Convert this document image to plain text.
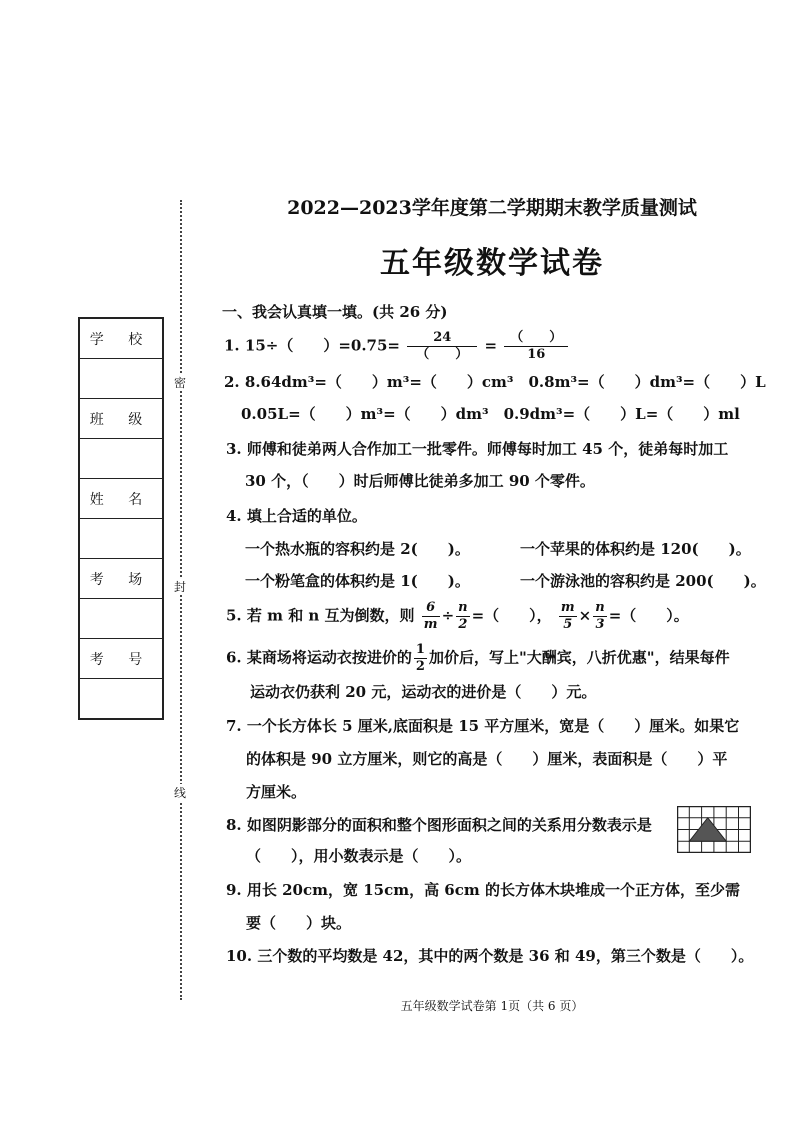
2022—2023学年度第二学期期末教学质量测试
五年级数学试卷
密
封
线
学 校

班 级

姓 名

考 场

考 号

一、我会认真填一填。(共 26 分)
1. 15÷（　　）$=0.75= \frac{24}{( )} = \frac{( )}{16}$
2. 8.64dm³=（　　）m³=（　　）cm³　0.8m³=（　　）dm³=（　　）L
0.05L=（　　）m³=（　　）dm³　0.9dm³=（　　）L=（　　）ml
3. 师傅和徒弟两人合作加工一批零件。师傅每时加工 45 个，徒弟每时加工
30 个，（　　）时后师傅比徒弟多加工 90 个零件。
4. 填上合适的单位。
一个热水瓶的容积约是 2(　　)。	一个苹果的体积约是 120(　　)。
一个粉笔盒的体积约是 1(　　)。	一个游泳池的容积约是 200(　　)。
5. 若 m 和 n 互为倒数，则 $\frac{6}{m} \div \frac{n}{2}$ =（　　）， $\frac{m}{5} \times \frac{n}{3}$ =（　　）。
6. 某商场将运动衣按进价的 $\frac{1}{2}$ 加价后，写上"大酬宾，八折优惠"，结果每件
运动衣仍获利 20 元，运动衣的进价是（　　）元。
7. 一个长方体长 5 厘米,底面积是 15 平方厘米，宽是（　　）厘米。如果它
的体积是 90 立方厘米，则它的高是（　　）厘米，表面积是（　　）平
方厘米。
8. 如图阴影部分的面积和整个图形面积之间的关系用分数表示是
（　　），用小数表示是（　　）。
9. 用长 20cm，宽 15cm，高 6cm 的长方体木块堆成一个正方体，至少需
要（　　）块。
10. 三个数的平均数是 42，其中的两个数是 36 和 49，第三个数是（　　）。
五年级数学试卷第 1页（共 6 页）
